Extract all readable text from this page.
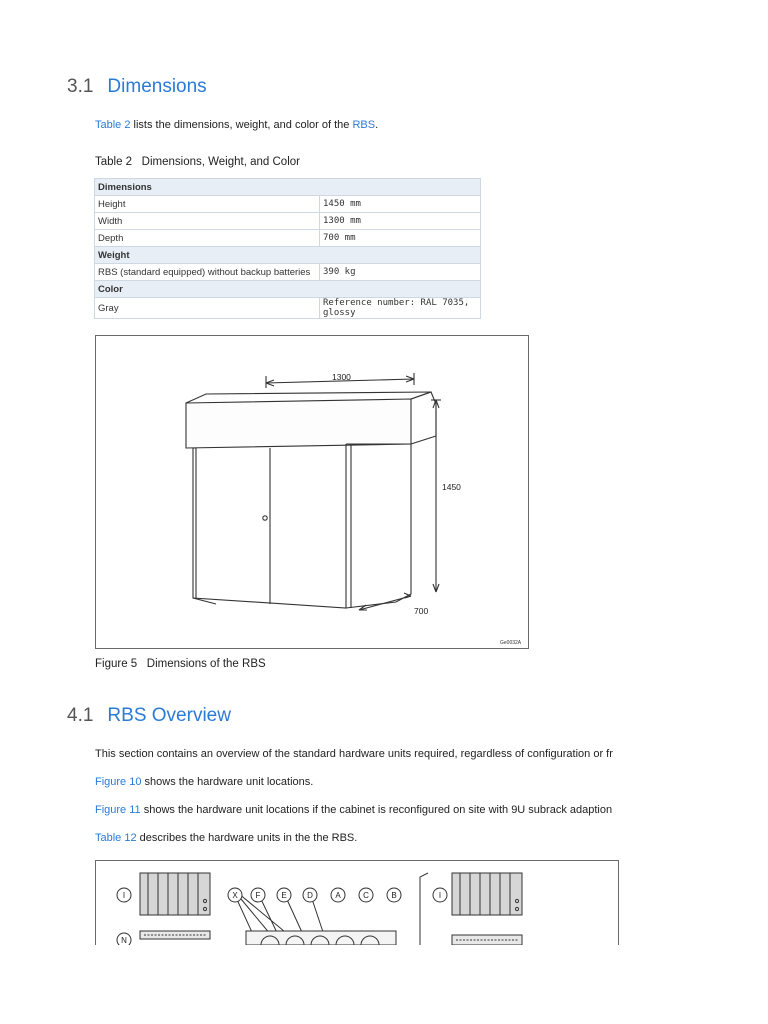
3.1 Dimensions
Table 2 lists the dimensions, weight, and color of the RBS.
Table 2   Dimensions, Weight, and Color
Dimensions	
Height	1450 mm
Width	1300 mm
Depth	700 mm
Weight	
RBS (standard equipped) without backup batteries	390 kg
Color	
Gray	Reference number: RAL 7035, glossy
1300
1450
700
Ge0032A
Figure 5   Dimensions of the RBS
4.1 RBS Overview
This section contains an overview of the standard hardware units required, regardless of configuration or fr
Figure 10 shows the hardware unit locations.
Figure 11 shows the hardware unit locations if the cabinet is reconfigured on site with 9U subrack adaption
Table 12 describes the hardware units in the the RBS.
I
N
X F	E	D	A	C	B	I
